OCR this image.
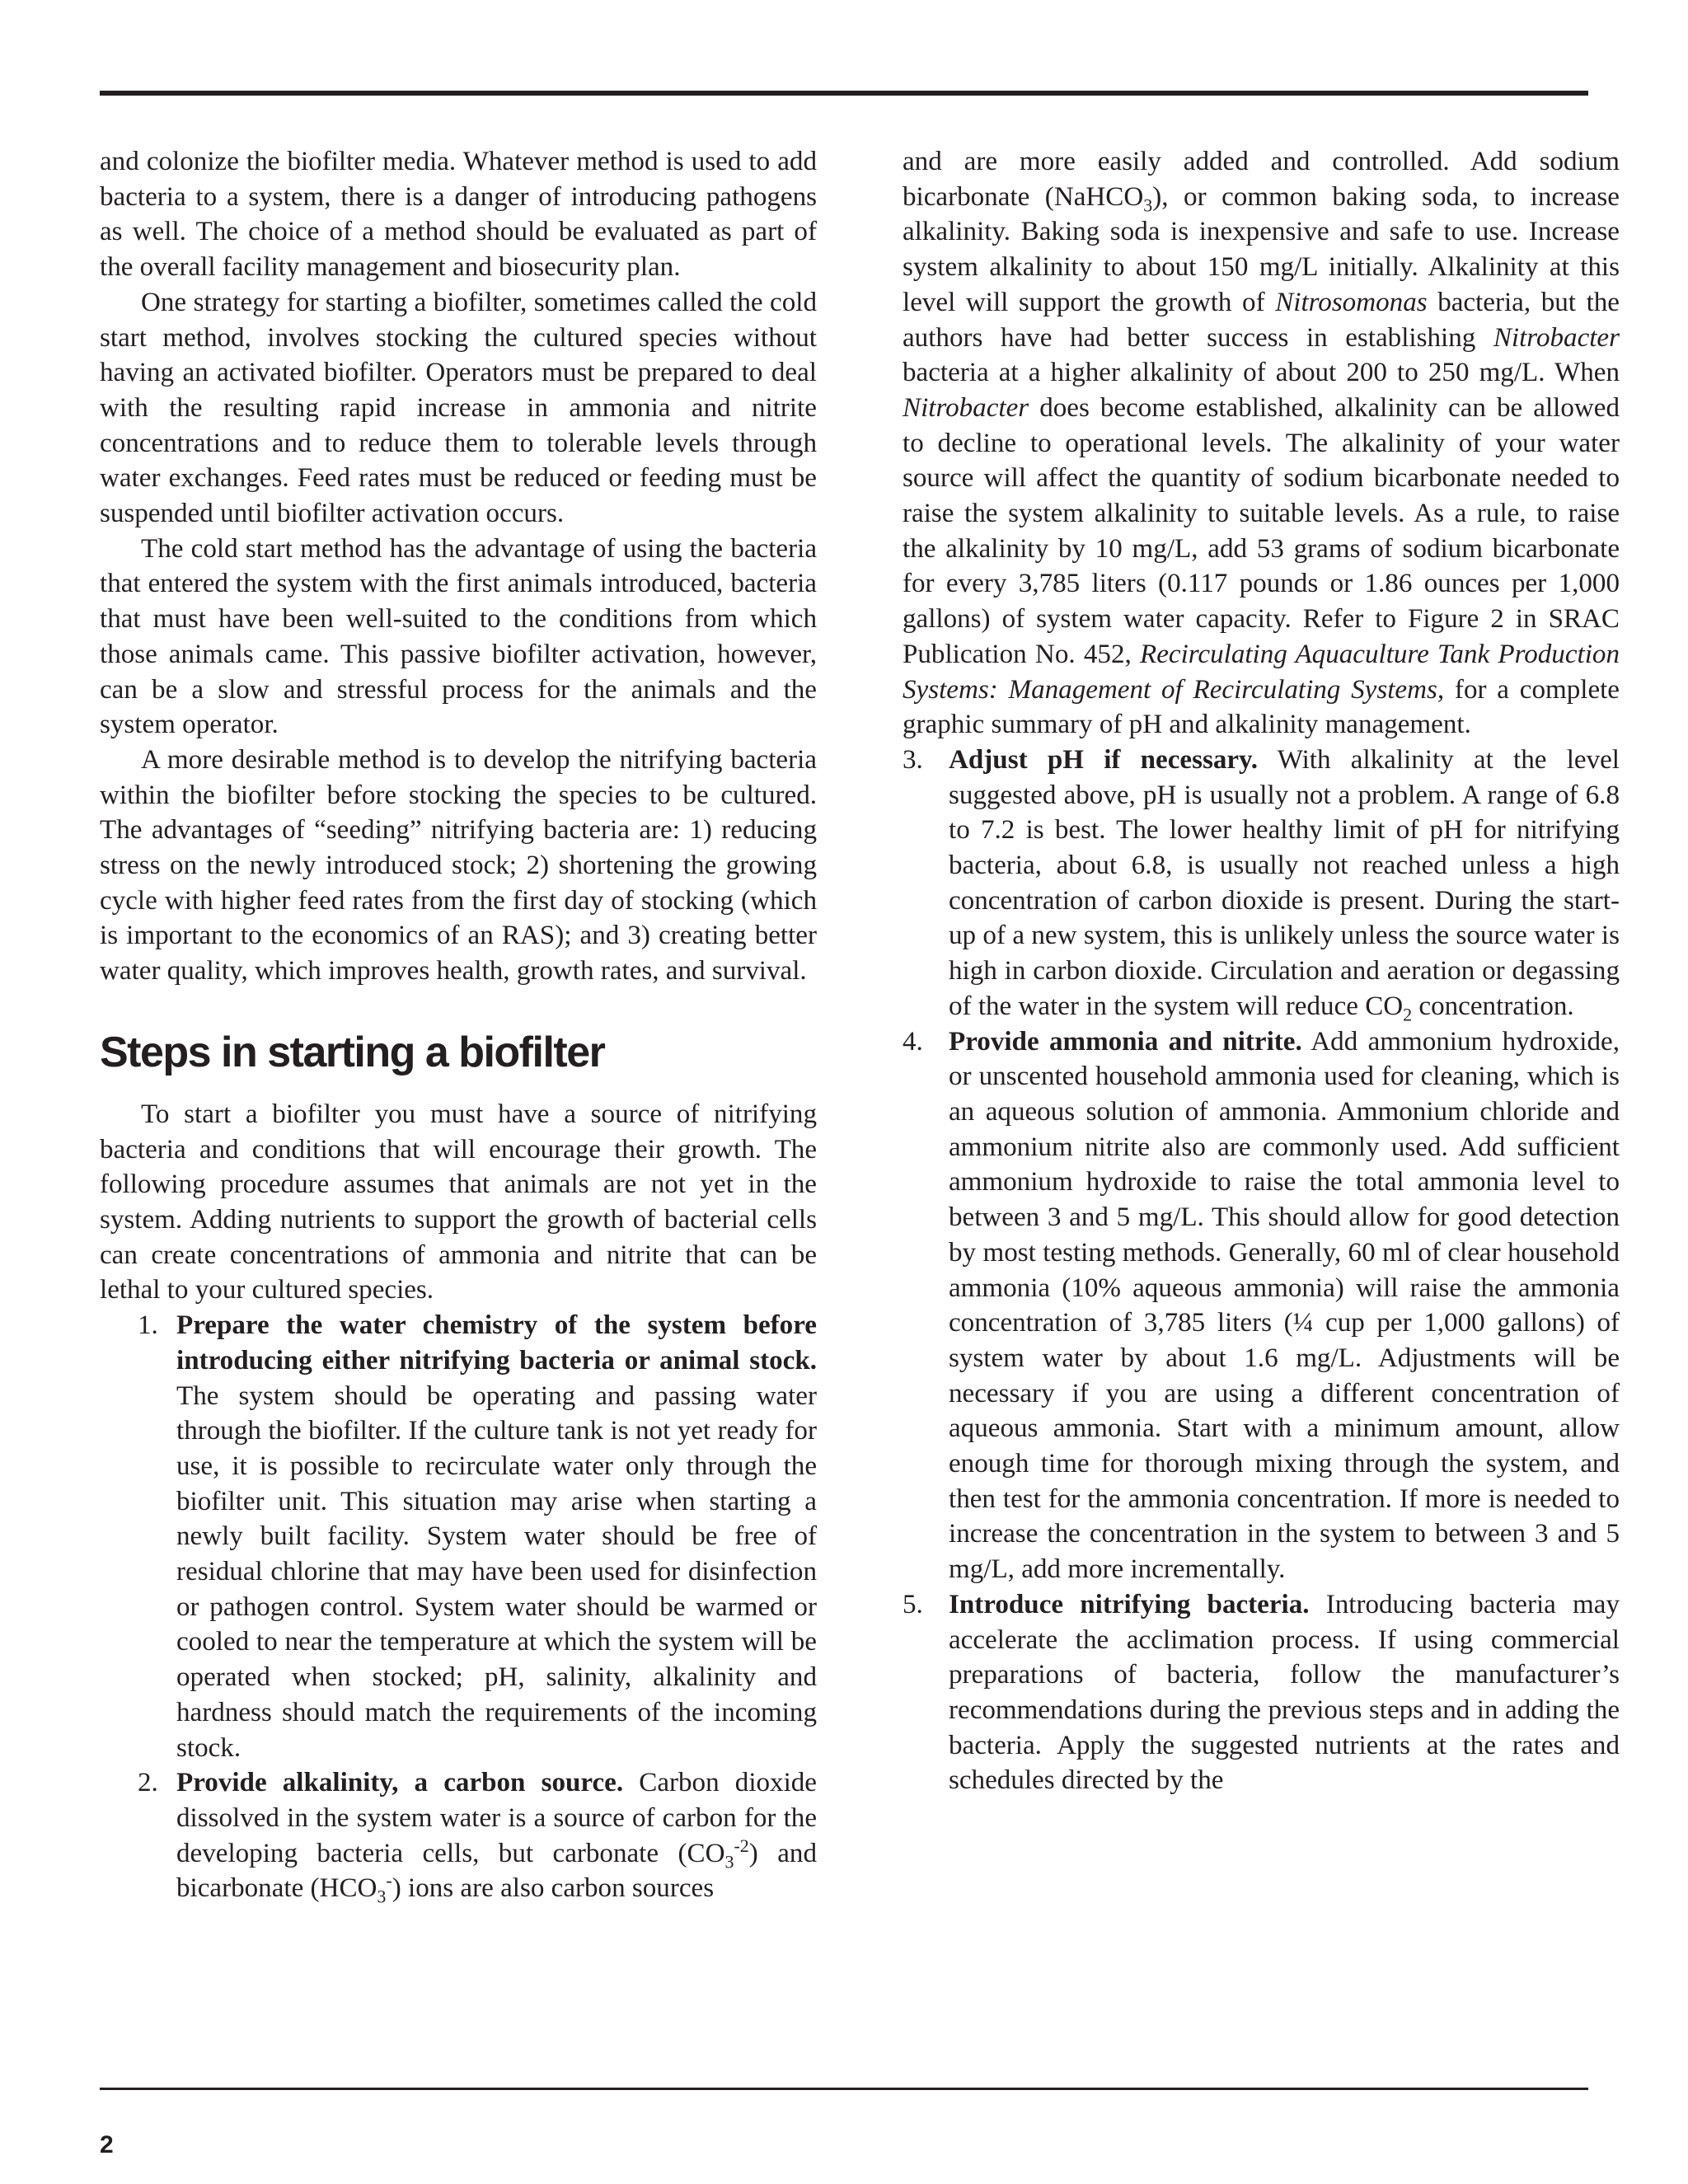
and colonize the biofilter media. Whatever method is used to add bacteria to a system, there is a danger of introducing pathogens as well. The choice of a method should be evaluated as part of the overall facility management and biosecurity plan.

One strategy for starting a biofilter, sometimes called the cold start method, involves stocking the cultured species without having an activated biofilter. Operators must be prepared to deal with the resulting rapid increase in ammonia and nitrite concentrations and to reduce them to tolerable levels through water exchanges. Feed rates must be reduced or feeding must be suspended until biofilter activation occurs.

The cold start method has the advantage of using the bacteria that entered the system with the first animals introduced, bacteria that must have been well-suited to the conditions from which those animals came. This passive biofilter activation, however, can be a slow and stressful process for the animals and the system operator.

A more desirable method is to develop the nitrifying bacteria within the biofilter before stocking the species to be cultured. The advantages of “seeding” nitrifying bacteria are: 1) reducing stress on the newly introduced stock; 2) shortening the growing cycle with higher feed rates from the first day of stocking (which is important to the economics of an RAS); and 3) creating better water quality, which improves health, growth rates, and survival.

Steps in starting a biofilter

To start a biofilter you must have a source of nitrifying bacteria and conditions that will encourage their growth. The following procedure assumes that animals are not yet in the system. Adding nutrients to support the growth of bacterial cells can create concentrations of ammonia and nitrite that can be lethal to your cultured species.

1. Prepare the water chemistry of the system before introducing either nitrifying bacteria or animal stock. The system should be operating and passing water through the biofilter. If the culture tank is not yet ready for use, it is possible to recirculate water only through the biofilter unit. This situation may arise when starting a newly built facility. System water should be free of residual chlorine that may have been used for disinfection or pathogen control. System water should be warmed or cooled to near the temperature at which the system will be operated when stocked; pH, salinity, alkalinity and hardness should match the requirements of the incoming stock.
2. Provide alkalinity, a carbon source. Carbon dioxide dissolved in the system water is a source of carbon for the developing bacteria cells, but carbonate $(CO_3^{-2})$ and bicarbonate $(HCO_3^-)$ ions are also carbon sources

and are more easily added and controlled. Add sodium bicarbonate (NaHCO$_3$), or common baking soda, to increase alkalinity. Baking soda is inexpensive and safe to use. Increase system alkalinity to about 150 mg/L initially. Alkalinity at this level will support the growth of Nitrosomonas bacteria, but the authors have had better success in establishing Nitrobacter bacteria at a higher alkalinity of about 200 to 250 mg/L. When Nitrobacter does become established, alkalinity can be allowed to decline to operational levels. The alkalinity of your water source will affect the quantity of sodium bicarbonate needed to raise the system alkalinity to suitable levels. As a rule, to raise the alkalinity by 10 mg/L, add 53 grams of sodium bicarbonate for every 3,785 liters (0.117 pounds or 1.86 ounces per 1,000 gallons) of system water capacity. Refer to Figure 2 in SRAC Publication No. 452, Recirculating Aquaculture Tank Production Systems: Management of Recirculating Systems, for a complete graphic summary of pH and alkalinity management.

3. Adjust pH if necessary. With alkalinity at the level suggested above, pH is usually not a problem. A range of 6.8 to 7.2 is best. The lower healthy limit of pH for nitrifying bacteria, about 6.8, is usually not reached unless a high concentration of carbon dioxide is present. During the start-up of a new system, this is unlikely unless the source water is high in carbon dioxide. Circulation and aeration or degassing of the water in the system will reduce $CO_2$ concentration.
4. Provide ammonia and nitrite. Add ammonium hydroxide, or unscented household ammonia used for cleaning, which is an aqueous solution of ammonia. Ammonium chloride and ammonium nitrite also are commonly used. Add sufficient ammonium hydroxide to raise the total ammonia level to between 3 and 5 mg/L. This should allow for good detection by most testing methods. Generally, 60 ml of clear household ammonia (10% aqueous ammonia) will raise the ammonia concentration of 3,785 liters (¼ cup per 1,000 gallons) of system water by about 1.6 mg/L. Adjustments will be necessary if you are using a different concentration of aqueous ammonia. Start with a minimum amount, allow enough time for thorough mixing through the system, and then test for the ammonia concentration. If more is needed to increase the concentration in the system to between 3 and 5 mg/L, add more incrementally.
5. Introduce nitrifying bacteria. Introducing bacteria may accelerate the acclimation process. If using commercial preparations of bacteria, follow the manufacturer’s recommendations during the previous steps and in adding the bacteria. Apply the suggested nutrients at the rates and schedules directed by the
2
